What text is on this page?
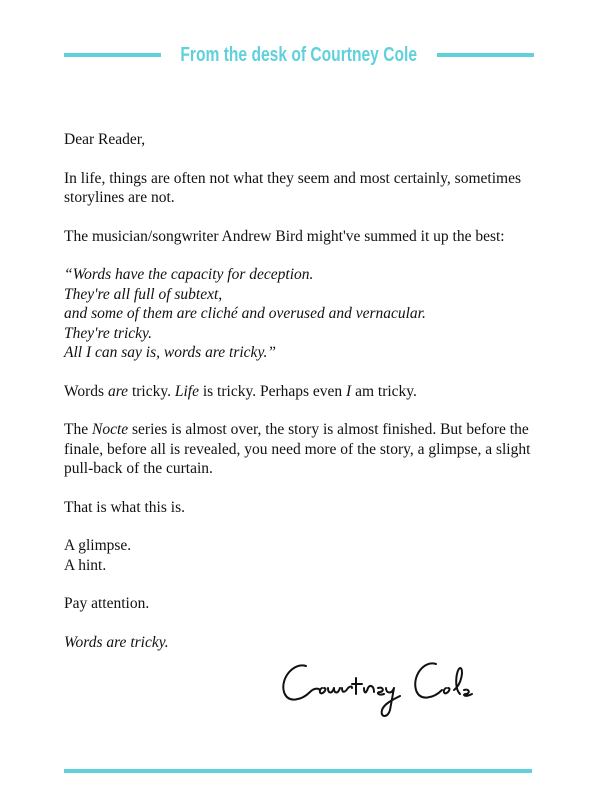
From the desk of Courtney Cole

Dear Reader,

In life, things are often not what they seem and most certainly, sometimes storylines are not.

The musician/songwriter Andrew Bird might've summed it up the best:

“Words have the capacity for deception.
They're all full of subtext,
and some of them are cliché and overused and vernacular.
They're tricky.
All I can say is, words are tricky.”

Words are tricky. Life is tricky. Perhaps even I am tricky.

The Nocte series is almost over, the story is almost finished. But before the finale, before all is revealed, you need more of the story, a glimpse, a slight pull-back of the curtain.

That is what this is.

A glimpse.
A hint.

Pay attention.

Words are tricky.
